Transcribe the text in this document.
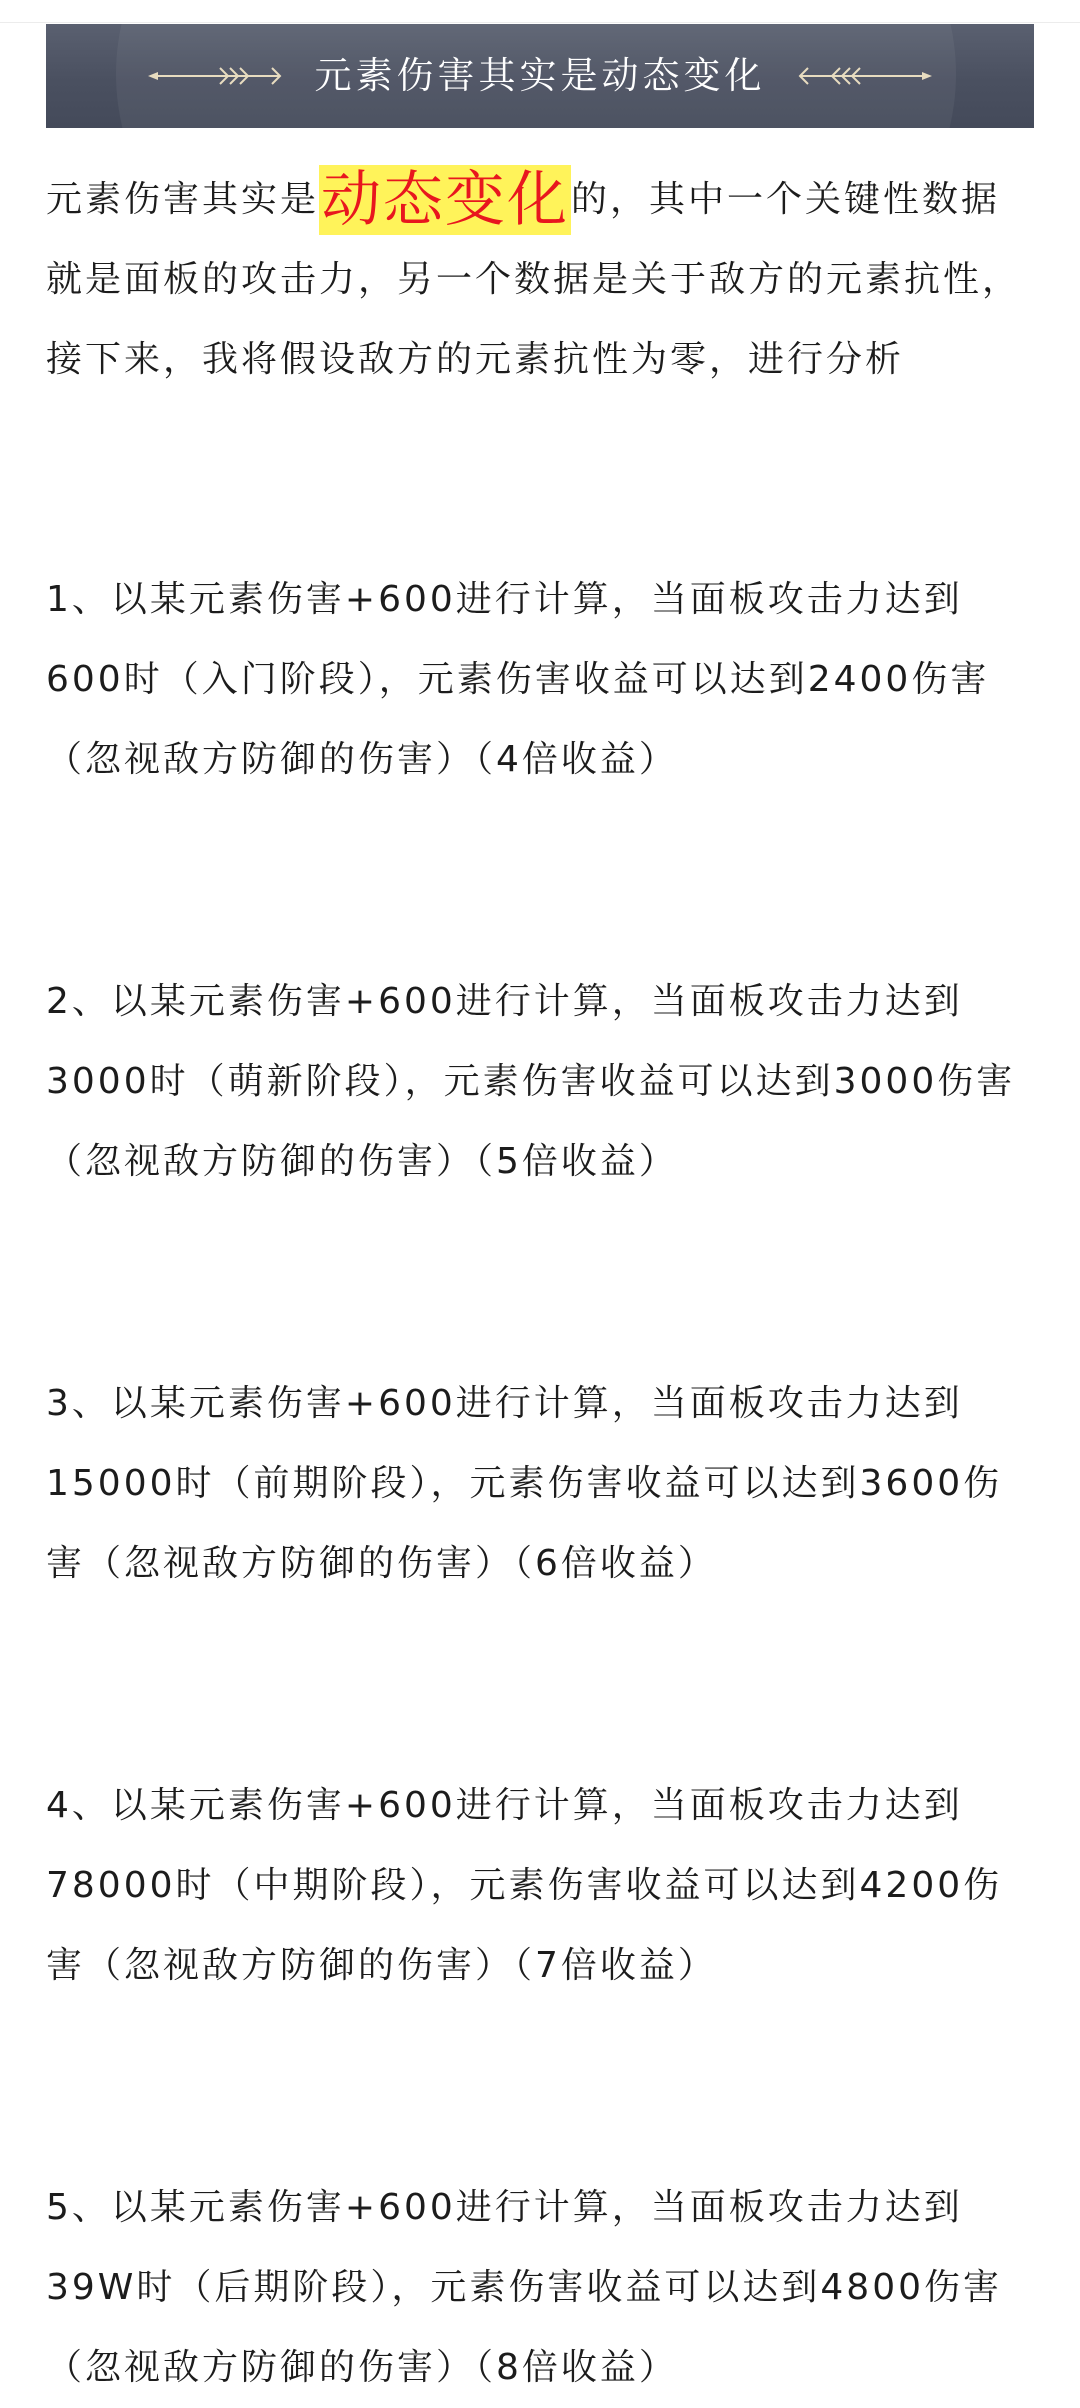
元素伤害其实是动态变化

元素伤害其实是动态变化的，其中一个关键性数据就是面板的攻击力，另一个数据是关于敌方的元素抗性，接下来，我将假设敌方的元素抗性为零，进行分析

1、以某元素伤害+600进行计算，当面板攻击力达到600时（入门阶段），元素伤害收益可以达到2400伤害（忽视敌方防御的伤害）（4倍收益）

2、以某元素伤害+600进行计算，当面板攻击力达到3000时（萌新阶段），元素伤害收益可以达到3000伤害（忽视敌方防御的伤害）（5倍收益）

3、以某元素伤害+600进行计算，当面板攻击力达到15000时（前期阶段），元素伤害收益可以达到3600伤害（忽视敌方防御的伤害）（6倍收益）

4、以某元素伤害+600进行计算，当面板攻击力达到78000时（中期阶段），元素伤害收益可以达到4200伤害（忽视敌方防御的伤害）（7倍收益）

5、以某元素伤害+600进行计算，当面板攻击力达到39W时（后期阶段），元素伤害收益可以达到4800伤害（忽视敌方防御的伤害）（8倍收益）
